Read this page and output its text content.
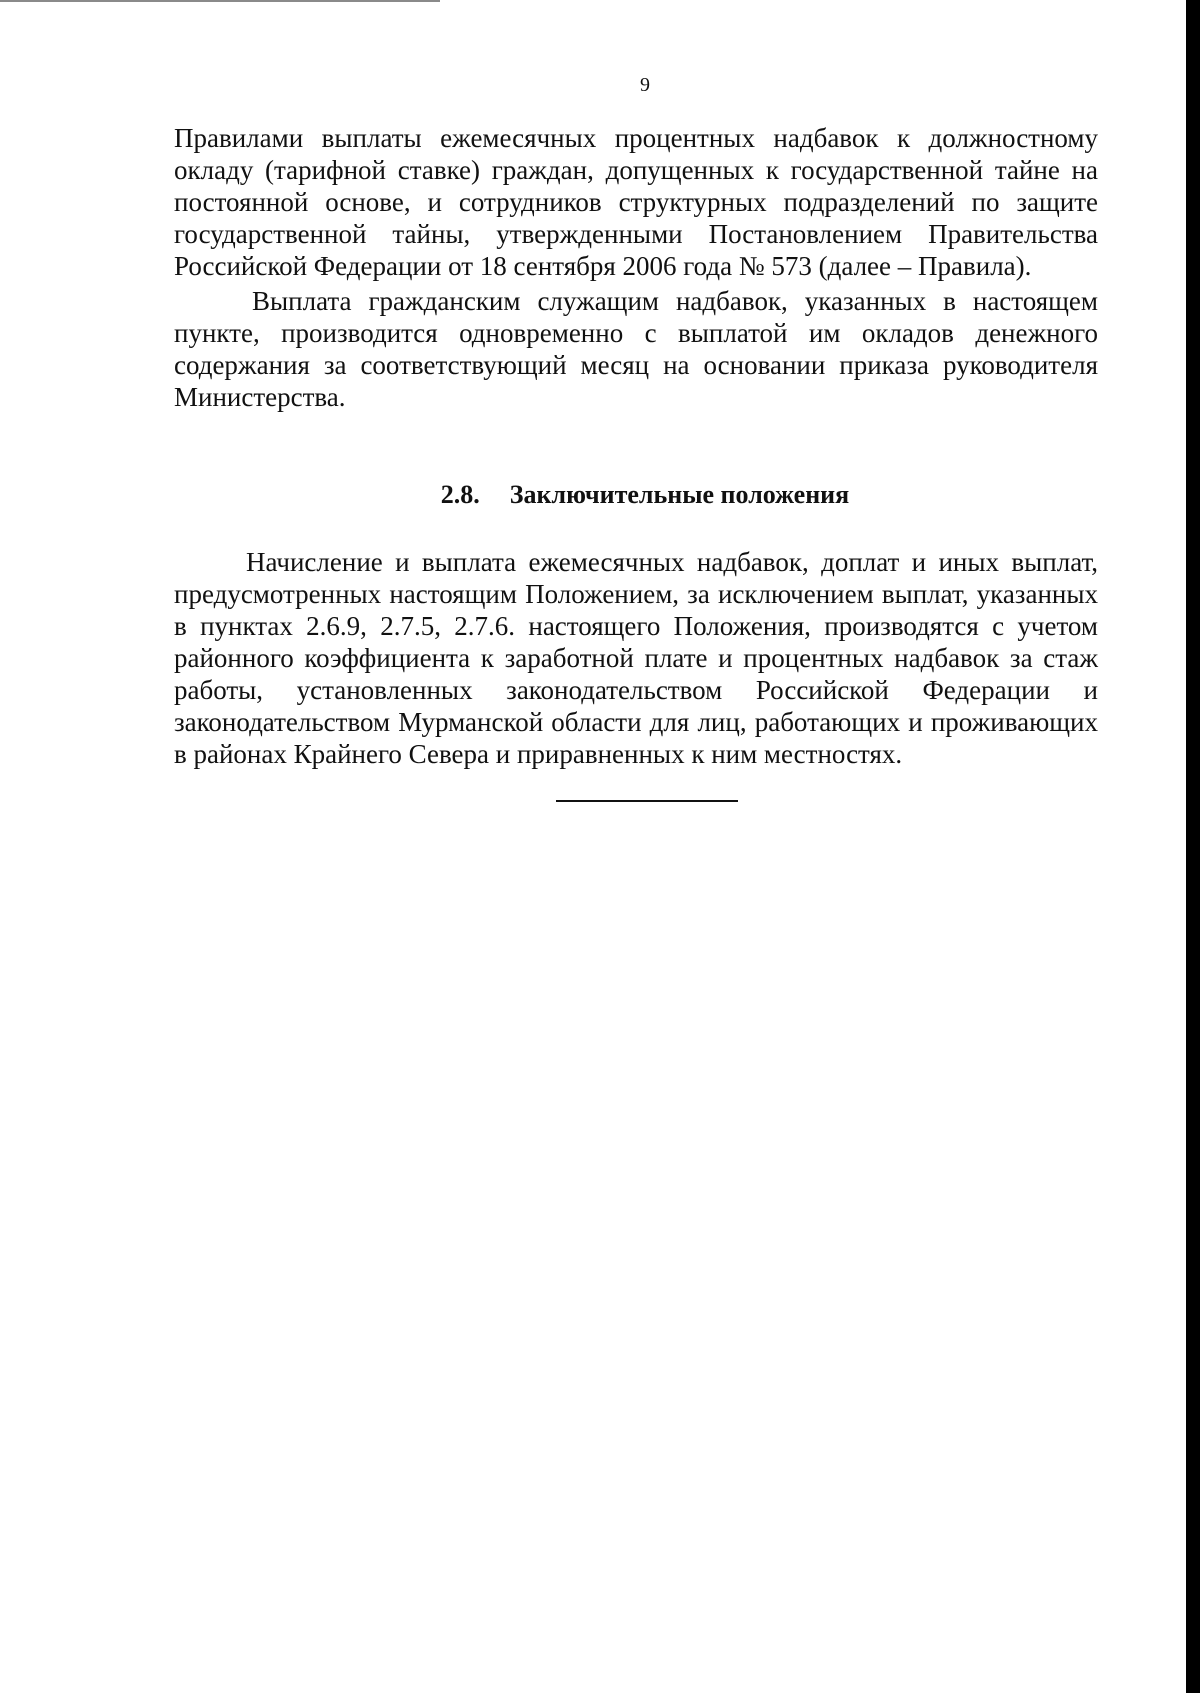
9

Правилами выплаты ежемесячных процентных надбавок к должностному окладу (тарифной ставке) граждан, допущенных к государственной тайне на постоянной основе, и сотрудников структурных подразделений по защите государственной тайны, утвержденными Постановлением Правительства Российской Федерации от 18 сентября 2006 года № 573 (далее – Правила).

Выплата гражданским служащим надбавок, указанных в настоящем пункте, производится одновременно с выплатой им окладов денежного содержания за соответствующий месяц на основании приказа руководителя Министерства.

2.8. Заключительные положения

Начисление и выплата ежемесячных надбавок, доплат и иных выплат, предусмотренных настоящим Положением, за исключением выплат, указанных в пунктах 2.6.9, 2.7.5, 2.7.6. настоящего Положения, производятся с учетом районного коэффициента к заработной плате и процентных надбавок за стаж работы, установленных законодательством Российской Федерации и законодательством Мурманской области для лиц, работающих и проживающих в районах Крайнего Севера и приравненных к ним местностях.
